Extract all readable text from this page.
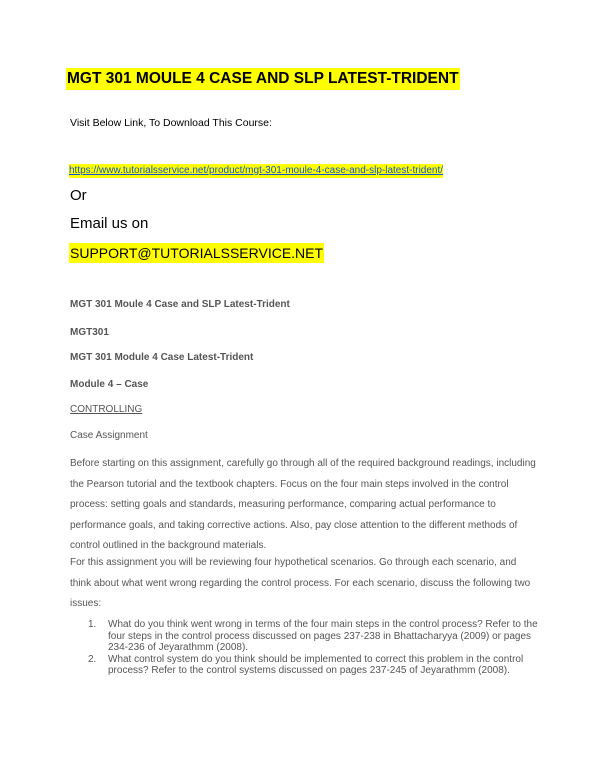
MGT 301 MOULE 4 CASE AND SLP LATEST-TRIDENT
Visit Below Link, To Download This Course:
https://www.tutorialsservice.net/product/mgt-301-moule-4-case-and-slp-latest-trident/
Or
Email us on
SUPPORT@TUTORIALSSERVICE.NET
MGT 301 Moule 4 Case and SLP Latest-Trident
MGT301
MGT 301 Module 4 Case Latest-Trident
Module 4 – Case
CONTROLLING
Case Assignment
Before starting on this assignment, carefully go through all of the required background readings, including the Pearson tutorial and the textbook chapters. Focus on the four main steps involved in the control process: setting goals and standards, measuring performance, comparing actual performance to performance goals, and taking corrective actions. Also, pay close attention to the different methods of control outlined in the background materials.
For this assignment you will be reviewing four hypothetical scenarios. Go through each scenario, and think about what went wrong regarding the control process. For each scenario, discuss the following two issues:
1. What do you think went wrong in terms of the four main steps in the control process? Refer to the four steps in the control process discussed on pages 237-238 in Bhattacharyya (2009) or pages 234-236 of Jeyarathmm (2008).
2. What control system do you think should be implemented to correct this problem in the control process? Refer to the control systems discussed on pages 237-245 of Jeyarathmm (2008).
